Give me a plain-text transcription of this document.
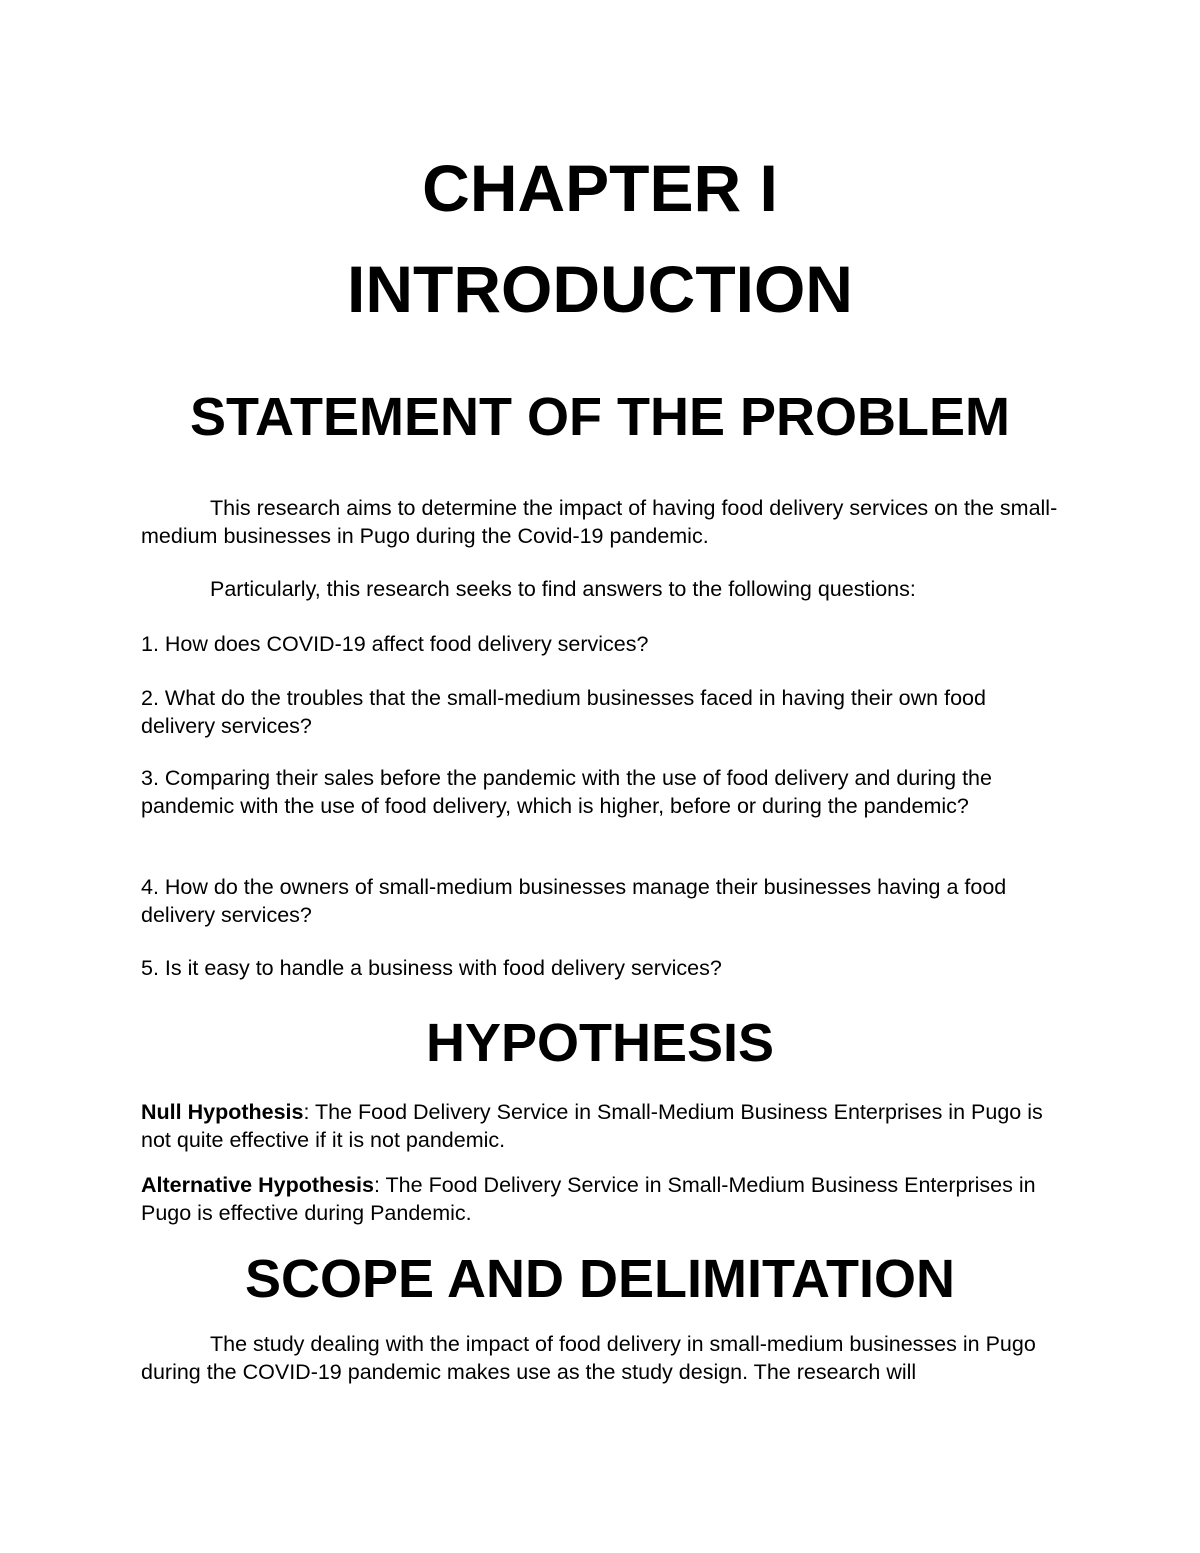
CHAPTER I
INTRODUCTION
STATEMENT OF THE PROBLEM

This research aims to determine the impact of having food delivery services on the small-medium businesses in Pugo during the Covid-19 pandemic.

Particularly, this research seeks to find answers to the following questions:

1. How does COVID-19 affect food delivery services?

2. What do the troubles that the small-medium businesses faced in having their own food delivery services?

3. Comparing their sales before the pandemic with the use of food delivery and during the pandemic with the use of food delivery, which is higher, before or during the pandemic?

4. How do the owners of small-medium businesses manage their businesses having a food delivery services?

5. Is it easy to handle a business with food delivery services?

HYPOTHESIS

Null Hypothesis: The Food Delivery Service in Small-Medium Business Enterprises in Pugo is not quite effective if it is not pandemic.

Alternative Hypothesis: The Food Delivery Service in Small-Medium Business Enterprises in Pugo is effective during Pandemic.

SCOPE AND DELIMITATION

The study dealing with the impact of food delivery in small-medium businesses in Pugo during the COVID-19 pandemic makes use as the study design. The research will
